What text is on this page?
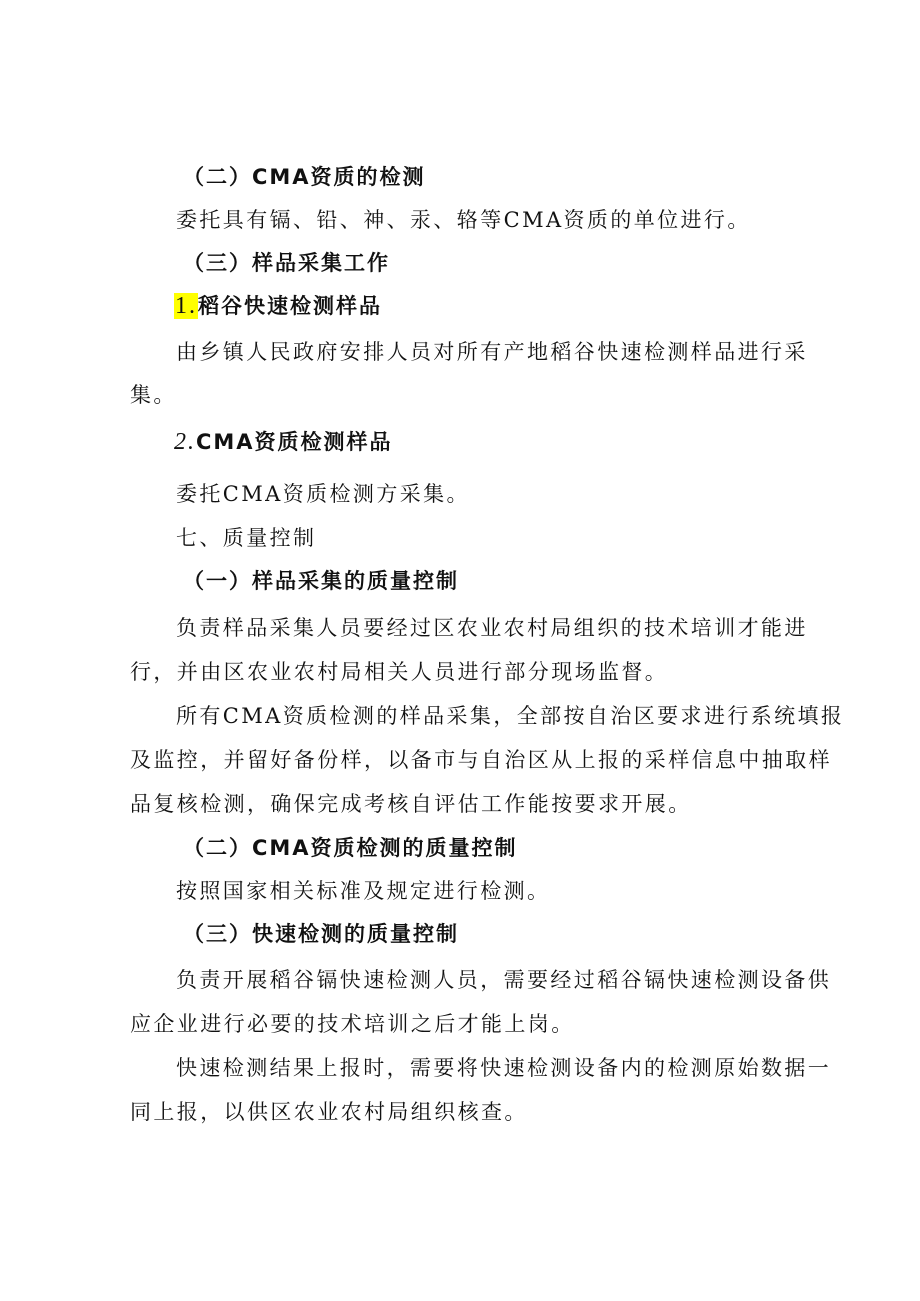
（二）CMA资质的检测
委托具有镉、铅、神、汞、辂等CMA资质的单位进行。
（三）样品采集工作
1.稻谷快速检测样品
由乡镇人民政府安排人员对所有产地稻谷快速检测样品进行采
集。
2.CMA资质检测样品
委托CMA资质检测方采集。
七、质量控制
（一）样品采集的质量控制
负责样品采集人员要经过区农业农村局组织的技术培训才能进
行，并由区农业农村局相关人员进行部分现场监督。
所有CMA资质检测的样品采集，全部按自治区要求进行系统填报
及监控，并留好备份样，以备市与自治区从上报的采样信息中抽取样
品复核检测，确保完成考核自评估工作能按要求开展。
（二）CMA资质检测的质量控制
按照国家相关标准及规定进行检测。
（三）快速检测的质量控制
负责开展稻谷镉快速检测人员，需要经过稻谷镉快速检测设备供
应企业进行必要的技术培训之后才能上岗。
快速检测结果上报时，需要将快速检测设备内的检测原始数据一
同上报，以供区农业农村局组织核查。
